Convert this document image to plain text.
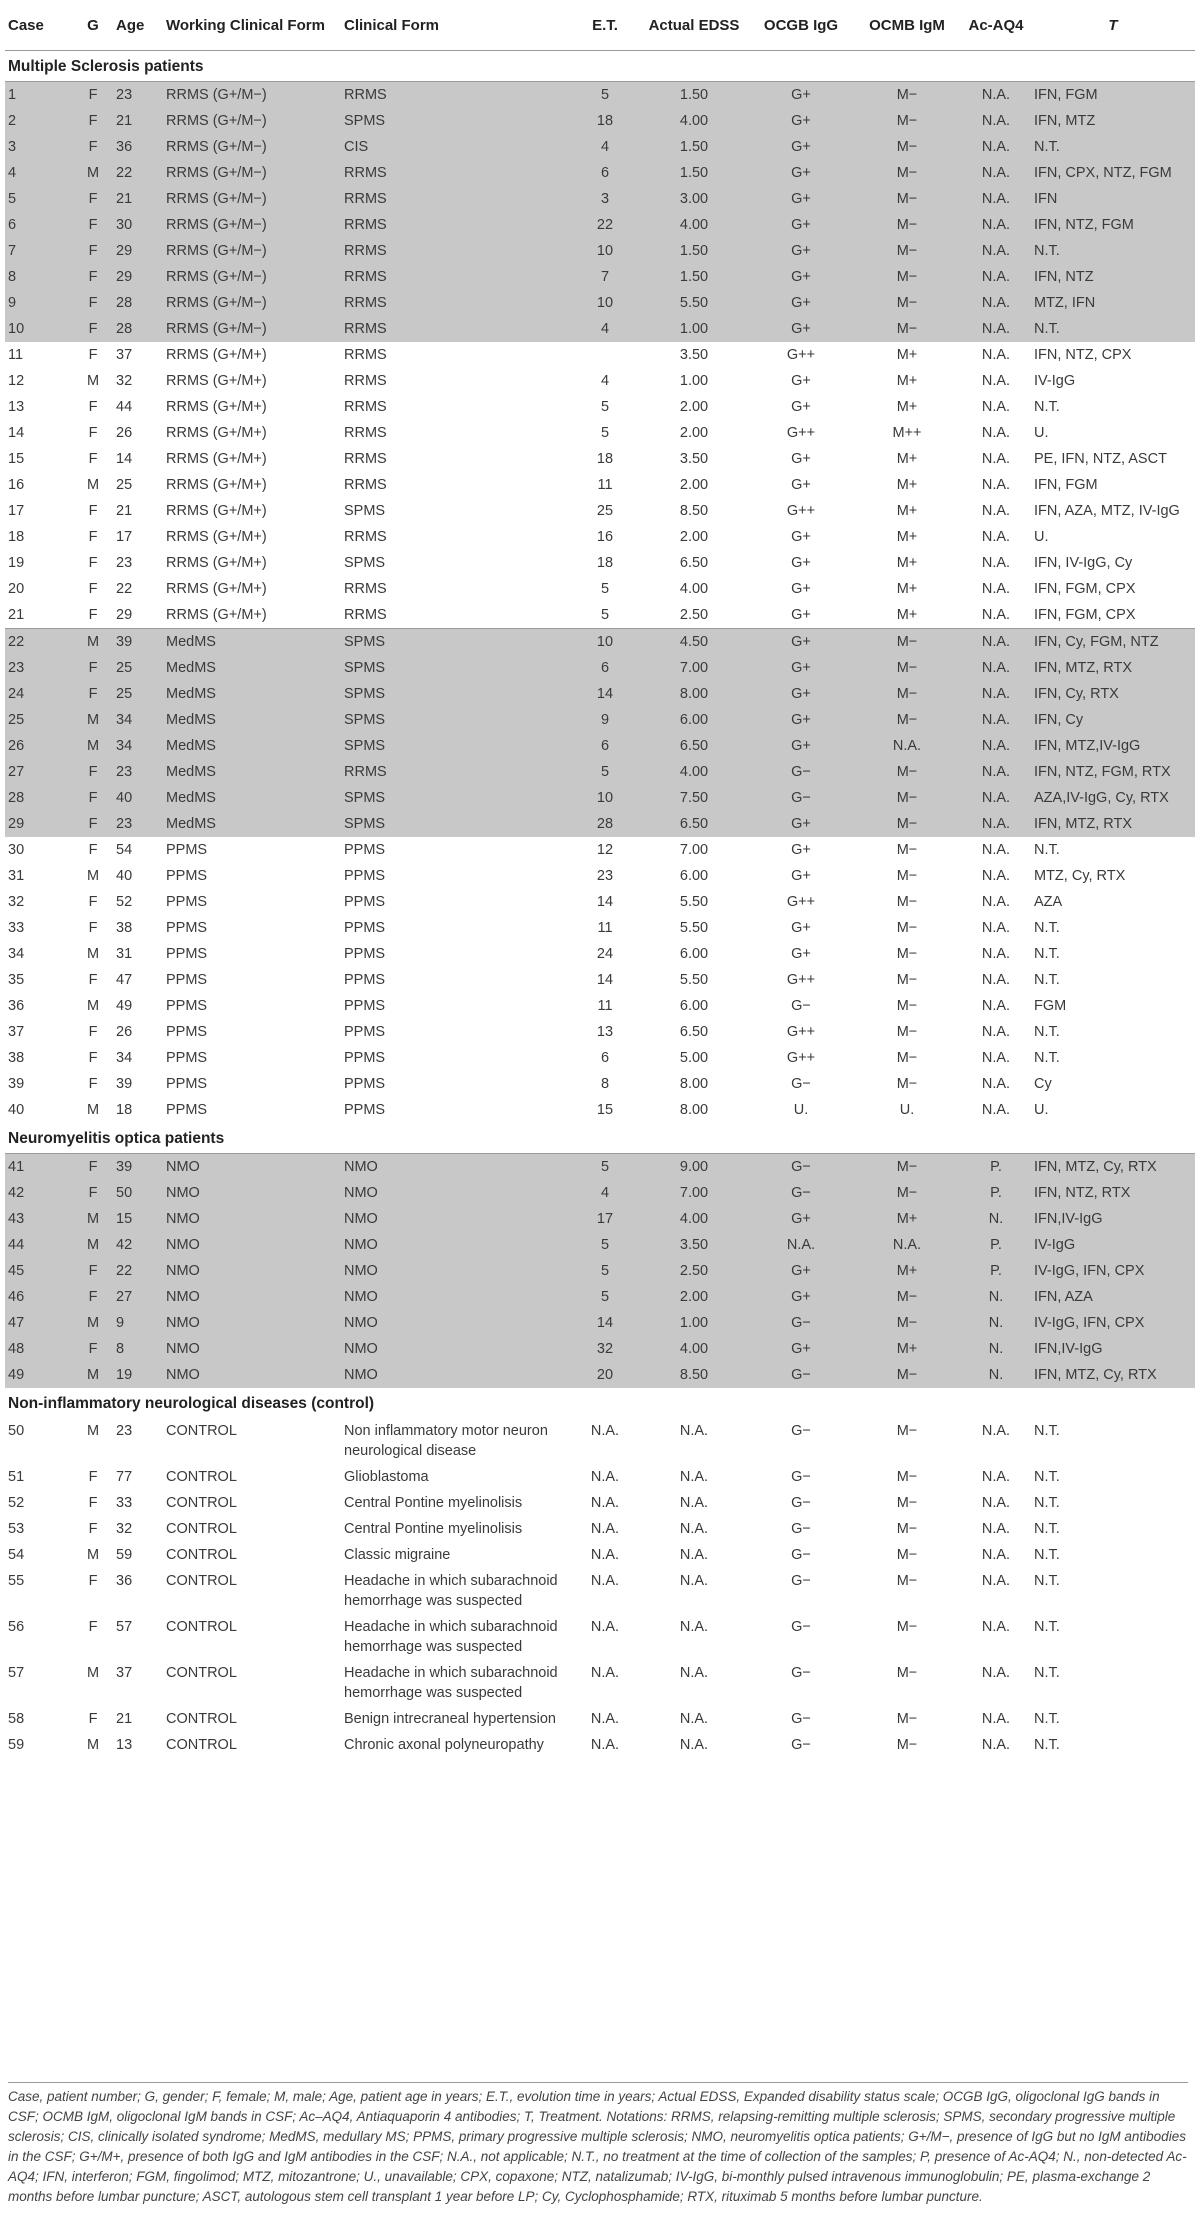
Case	G	Age	Working Clinical Form	Clinical Form	E.T.	Actual EDSS	OCGB IgG	OCMB IgM	Ac-AQ4	T
Multiple Sclerosis patients										
1	F	23	RRMS (G+/M−)	RRMS	5	1.50	G+	M−	N.A.	IFN, FGM
2	F	21	RRMS (G+/M−)	SPMS	18	4.00	G+	M−	N.A.	IFN, MTZ
3	F	36	RRMS (G+/M−)	CIS	4	1.50	G+	M−	N.A.	N.T.
4	M	22	RRMS (G+/M−)	RRMS	6	1.50	G+	M−	N.A.	IFN, CPX, NTZ, FGM
5	F	21	RRMS (G+/M−)	RRMS	3	3.00	G+	M−	N.A.	IFN
6	F	30	RRMS (G+/M−)	RRMS	22	4.00	G+	M−	N.A.	IFN, NTZ, FGM
7	F	29	RRMS (G+/M−)	RRMS	10	1.50	G+	M−	N.A.	N.T.
8	F	29	RRMS (G+/M−)	RRMS	7	1.50	G+	M−	N.A.	IFN, NTZ
9	F	28	RRMS (G+/M−)	RRMS	10	5.50	G+	M−	N.A.	MTZ, IFN
10	F	28	RRMS (G+/M−)	RRMS	4	1.00	G+	M−	N.A.	N.T.
11	F	37	RRMS (G+/M+)	RRMS		3.50	G++	M+	N.A.	IFN, NTZ, CPX
12	M	32	RRMS (G+/M+)	RRMS	4	1.00	G+	M+	N.A.	IV-IgG
13	F	44	RRMS (G+/M+)	RRMS	5	2.00	G+	M+	N.A.	N.T.
14	F	26	RRMS (G+/M+)	RRMS	5	2.00	G++	M++	N.A.	U.
15	F	14	RRMS (G+/M+)	RRMS	18	3.50	G+	M+	N.A.	PE, IFN, NTZ, ASCT
16	M	25	RRMS (G+/M+)	RRMS	11	2.00	G+	M+	N.A.	IFN, FGM
17	F	21	RRMS (G+/M+)	SPMS	25	8.50	G++	M+	N.A.	IFN, AZA, MTZ, IV-IgG
18	F	17	RRMS (G+/M+)	RRMS	16	2.00	G+	M+	N.A.	U.
19	F	23	RRMS (G+/M+)	SPMS	18	6.50	G+	M+	N.A.	IFN, IV-IgG, Cy
20	F	22	RRMS (G+/M+)	RRMS	5	4.00	G+	M+	N.A.	IFN, FGM, CPX
21	F	29	RRMS (G+/M+)	RRMS	5	2.50	G+	M+	N.A.	IFN, FGM, CPX
22	M	39	MedMS	SPMS	10	4.50	G+	M−	N.A.	IFN, Cy, FGM, NTZ
23	F	25	MedMS	SPMS	6	7.00	G+	M−	N.A.	IFN, MTZ, RTX
24	F	25	MedMS	SPMS	14	8.00	G+	M−	N.A.	IFN, Cy, RTX
25	M	34	MedMS	SPMS	9	6.00	G+	M−	N.A.	IFN, Cy
26	M	34	MedMS	SPMS	6	6.50	G+	N.A.	N.A.	IFN, MTZ,IV-IgG
27	F	23	MedMS	RRMS	5	4.00	G−	M−	N.A.	IFN, NTZ, FGM, RTX
28	F	40	MedMS	SPMS	10	7.50	G−	M−	N.A.	AZA,IV-IgG, Cy, RTX
29	F	23	MedMS	SPMS	28	6.50	G+	M−	N.A.	IFN, MTZ, RTX
30	F	54	PPMS	PPMS	12	7.00	G+	M−	N.A.	N.T.
31	M	40	PPMS	PPMS	23	6.00	G+	M−	N.A.	MTZ, Cy, RTX
32	F	52	PPMS	PPMS	14	5.50	G++	M−	N.A.	AZA
33	F	38	PPMS	PPMS	11	5.50	G+	M−	N.A.	N.T.
34	M	31	PPMS	PPMS	24	6.00	G+	M−	N.A.	N.T.
35	F	47	PPMS	PPMS	14	5.50	G++	M−	N.A.	N.T.
36	M	49	PPMS	PPMS	11	6.00	G−	M−	N.A.	FGM
37	F	26	PPMS	PPMS	13	6.50	G++	M−	N.A.	N.T.
38	F	34	PPMS	PPMS	6	5.00	G++	M−	N.A.	N.T.
39	F	39	PPMS	PPMS	8	8.00	G−	M−	N.A.	Cy
40	M	18	PPMS	PPMS	15	8.00	U.	U.	N.A.	U.
Neuromyelitis optica patients										
41	F	39	NMO	NMO	5	9.00	G−	M−	P.	IFN, MTZ, Cy, RTX
42	F	50	NMO	NMO	4	7.00	G−	M−	P.	IFN, NTZ, RTX
43	M	15	NMO	NMO	17	4.00	G+	M+	N.	IFN,IV-IgG
44	M	42	NMO	NMO	5	3.50	N.A.	N.A.	P.	IV-IgG
45	F	22	NMO	NMO	5	2.50	G+	M+	P.	IV-IgG, IFN, CPX
46	F	27	NMO	NMO	5	2.00	G+	M−	N.	IFN, AZA
47	M	9	NMO	NMO	14	1.00	G−	M−	N.	IV-IgG, IFN, CPX
48	F	8	NMO	NMO	32	4.00	G+	M+	N.	IFN,IV-IgG
49	M	19	NMO	NMO	20	8.50	G−	M−	N.	IFN, MTZ, Cy, RTX
Non-inflammatory neurological diseases (control)										
50	M	23	CONTROL	Non inflammatory motor neuron neurological disease	N.A.	N.A.	G−	M−	N.A.	N.T.
51	F	77	CONTROL	Glioblastoma	N.A.	N.A.	G−	M−	N.A.	N.T.
52	F	33	CONTROL	Central Pontine myelinolisis	N.A.	N.A.	G−	M−	N.A.	N.T.
53	F	32	CONTROL	Central Pontine myelinolisis	N.A.	N.A.	G−	M−	N.A.	N.T.
54	M	59	CONTROL	Classic migraine	N.A.	N.A.	G−	M−	N.A.	N.T.
55	F	36	CONTROL	Headache in which subarachnoid hemorrhage was suspected	N.A.	N.A.	G−	M−	N.A.	N.T.
56	F	57	CONTROL	Headache in which subarachnoid hemorrhage was suspected	N.A.	N.A.	G−	M−	N.A.	N.T.
57	M	37	CONTROL	Headache in which subarachnoid hemorrhage was suspected	N.A.	N.A.	G−	M−	N.A.	N.T.
58	F	21	CONTROL	Benign intrecraneal hypertension	N.A.	N.A.	G−	M−	N.A.	N.T.
59	M	13	CONTROL	Chronic axonal polyneuropathy	N.A.	N.A.	G−	M−	N.A.	N.T.
Case, patient number; G, gender; F, female; M, male; Age, patient age in years; E.T., evolution time in years; Actual EDSS, Expanded disability status scale; OCGB IgG, oligoclonal IgG bands in CSF; OCMB IgM, oligoclonal IgM bands in CSF; Ac–AQ4, Antiaquaporin 4 antibodies; T, Treatment. Notations: RRMS, relapsing-remitting multiple sclerosis; SPMS, secondary progressive multiple sclerosis; CIS, clinically isolated syndrome; MedMS, medullary MS; PPMS, primary progressive multiple sclerosis; NMO, neuromyelitis optica patients; G+/M−, presence of IgG but no IgM antibodies in the CSF; G+/M+, presence of both IgG and IgM antibodies in the CSF; N.A., not applicable; N.T., no treatment at the time of collection of the samples; P, presence of Ac-AQ4; N., non-detected Ac-AQ4; IFN, interferon; FGM, fingolimod; MTZ, mitozantrone; U., unavailable; CPX, copaxone; NTZ, natalizumab; IV-IgG, bi-monthly pulsed intravenous immunoglobulin; PE, plasma-exchange 2 months before lumbar puncture; ASCT, autologous stem cell transplant 1 year before LP; Cy, Cyclophosphamide; RTX, rituximab 5 months before lumbar puncture.
